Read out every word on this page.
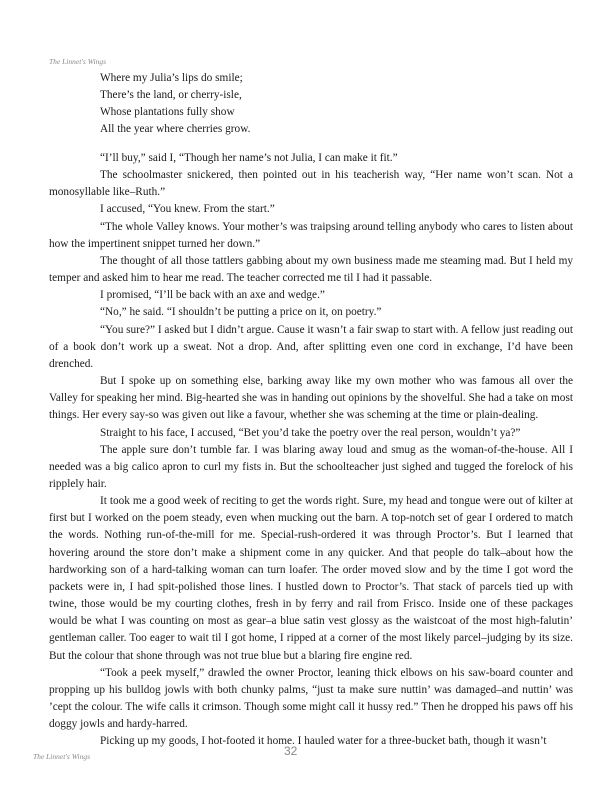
The Linnet's Wings
Where my Julia’s lips do smile;
There’s the land, or cherry-isle,
Whose plantations fully show
All the year where cherries grow.

“I’ll buy,” said I, “Though her name’s not Julia, I can make it fit.”

The schoolmaster snickered, then pointed out in his teacherish way, “Her name won’t scan. Not a monosyllable like–Ruth.”

I accused, “You knew. From the start.”

“The whole Valley knows. Your mother’s was traipsing around telling anybody who cares to listen about how the impertinent snippet turned her down.”

The thought of all those tattlers gabbing about my own business made me steaming mad. But I held my temper and asked him to hear me read. The teacher corrected me til I had it passable.

I promised, “I’ll be back with an axe and wedge.”

“No,” he said. “I shouldn’t be putting a price on it, on poetry.”

“You sure?” I asked but I didn’t argue. Cause it wasn’t a fair swap to start with. A fellow just reading out of a book don’t work up a sweat. Not a drop. And, after splitting even one cord in exchange, I’d have been drenched.

But I spoke up on something else, barking away like my own mother who was famous all over the Valley for speaking her mind. Big-hearted she was in handing out opinions by the shovelful. She had a take on most things. Her every say-so was given out like a favour, whether she was scheming at the time or plain-dealing.

Straight to his face, I accused, “Bet you’d take the poetry over the real person, wouldn’t ya?”

The apple sure don’t tumble far. I was blaring away loud and smug as the woman-of-the-house. All I needed was a big calico apron to curl my fists in. But the schoolteacher just sighed and tugged the forelock of his ripplely hair.

It took me a good week of reciting to get the words right. Sure, my head and tongue were out of kilter at first but I worked on the poem steady, even when mucking out the barn. A top-notch set of gear I ordered to match the words. Nothing run-of-the-mill for me. Special-rush-ordered it was through Proctor’s. But I learned that hovering around the store don’t make a shipment come in any quicker. And that people do talk–about how the hardworking son of a hard-talking woman can turn loafer. The order moved slow and by the time I got word the packets were in, I had spit-polished those lines. I hustled down to Proctor’s. That stack of parcels tied up with twine, those would be my courting clothes, fresh in by ferry and rail from Frisco. Inside one of these packages would be what I was counting on most as gear–a blue satin vest glossy as the waistcoat of the most high-falutin’ gentleman caller. Too eager to wait til I got home, I ripped at a corner of the most likely parcel–judging by its size. But the colour that shone through was not true blue but a blaring fire engine red.

“Took a peek myself,” drawled the owner Proctor, leaning thick elbows on his saw-board counter and propping up his bulldog jowls with both chunky palms, “just ta make sure nuttin’ was damaged–and nuttin’ was ’cept the colour. The wife calls it crimson. Though some might call it hussy red.” Then he dropped his paws off his doggy jowls and hardy-harred.

Picking up my goods, I hot-footed it home. I hauled water for a three-bucket bath, though it wasn’t

The Linnet's Wings	32
